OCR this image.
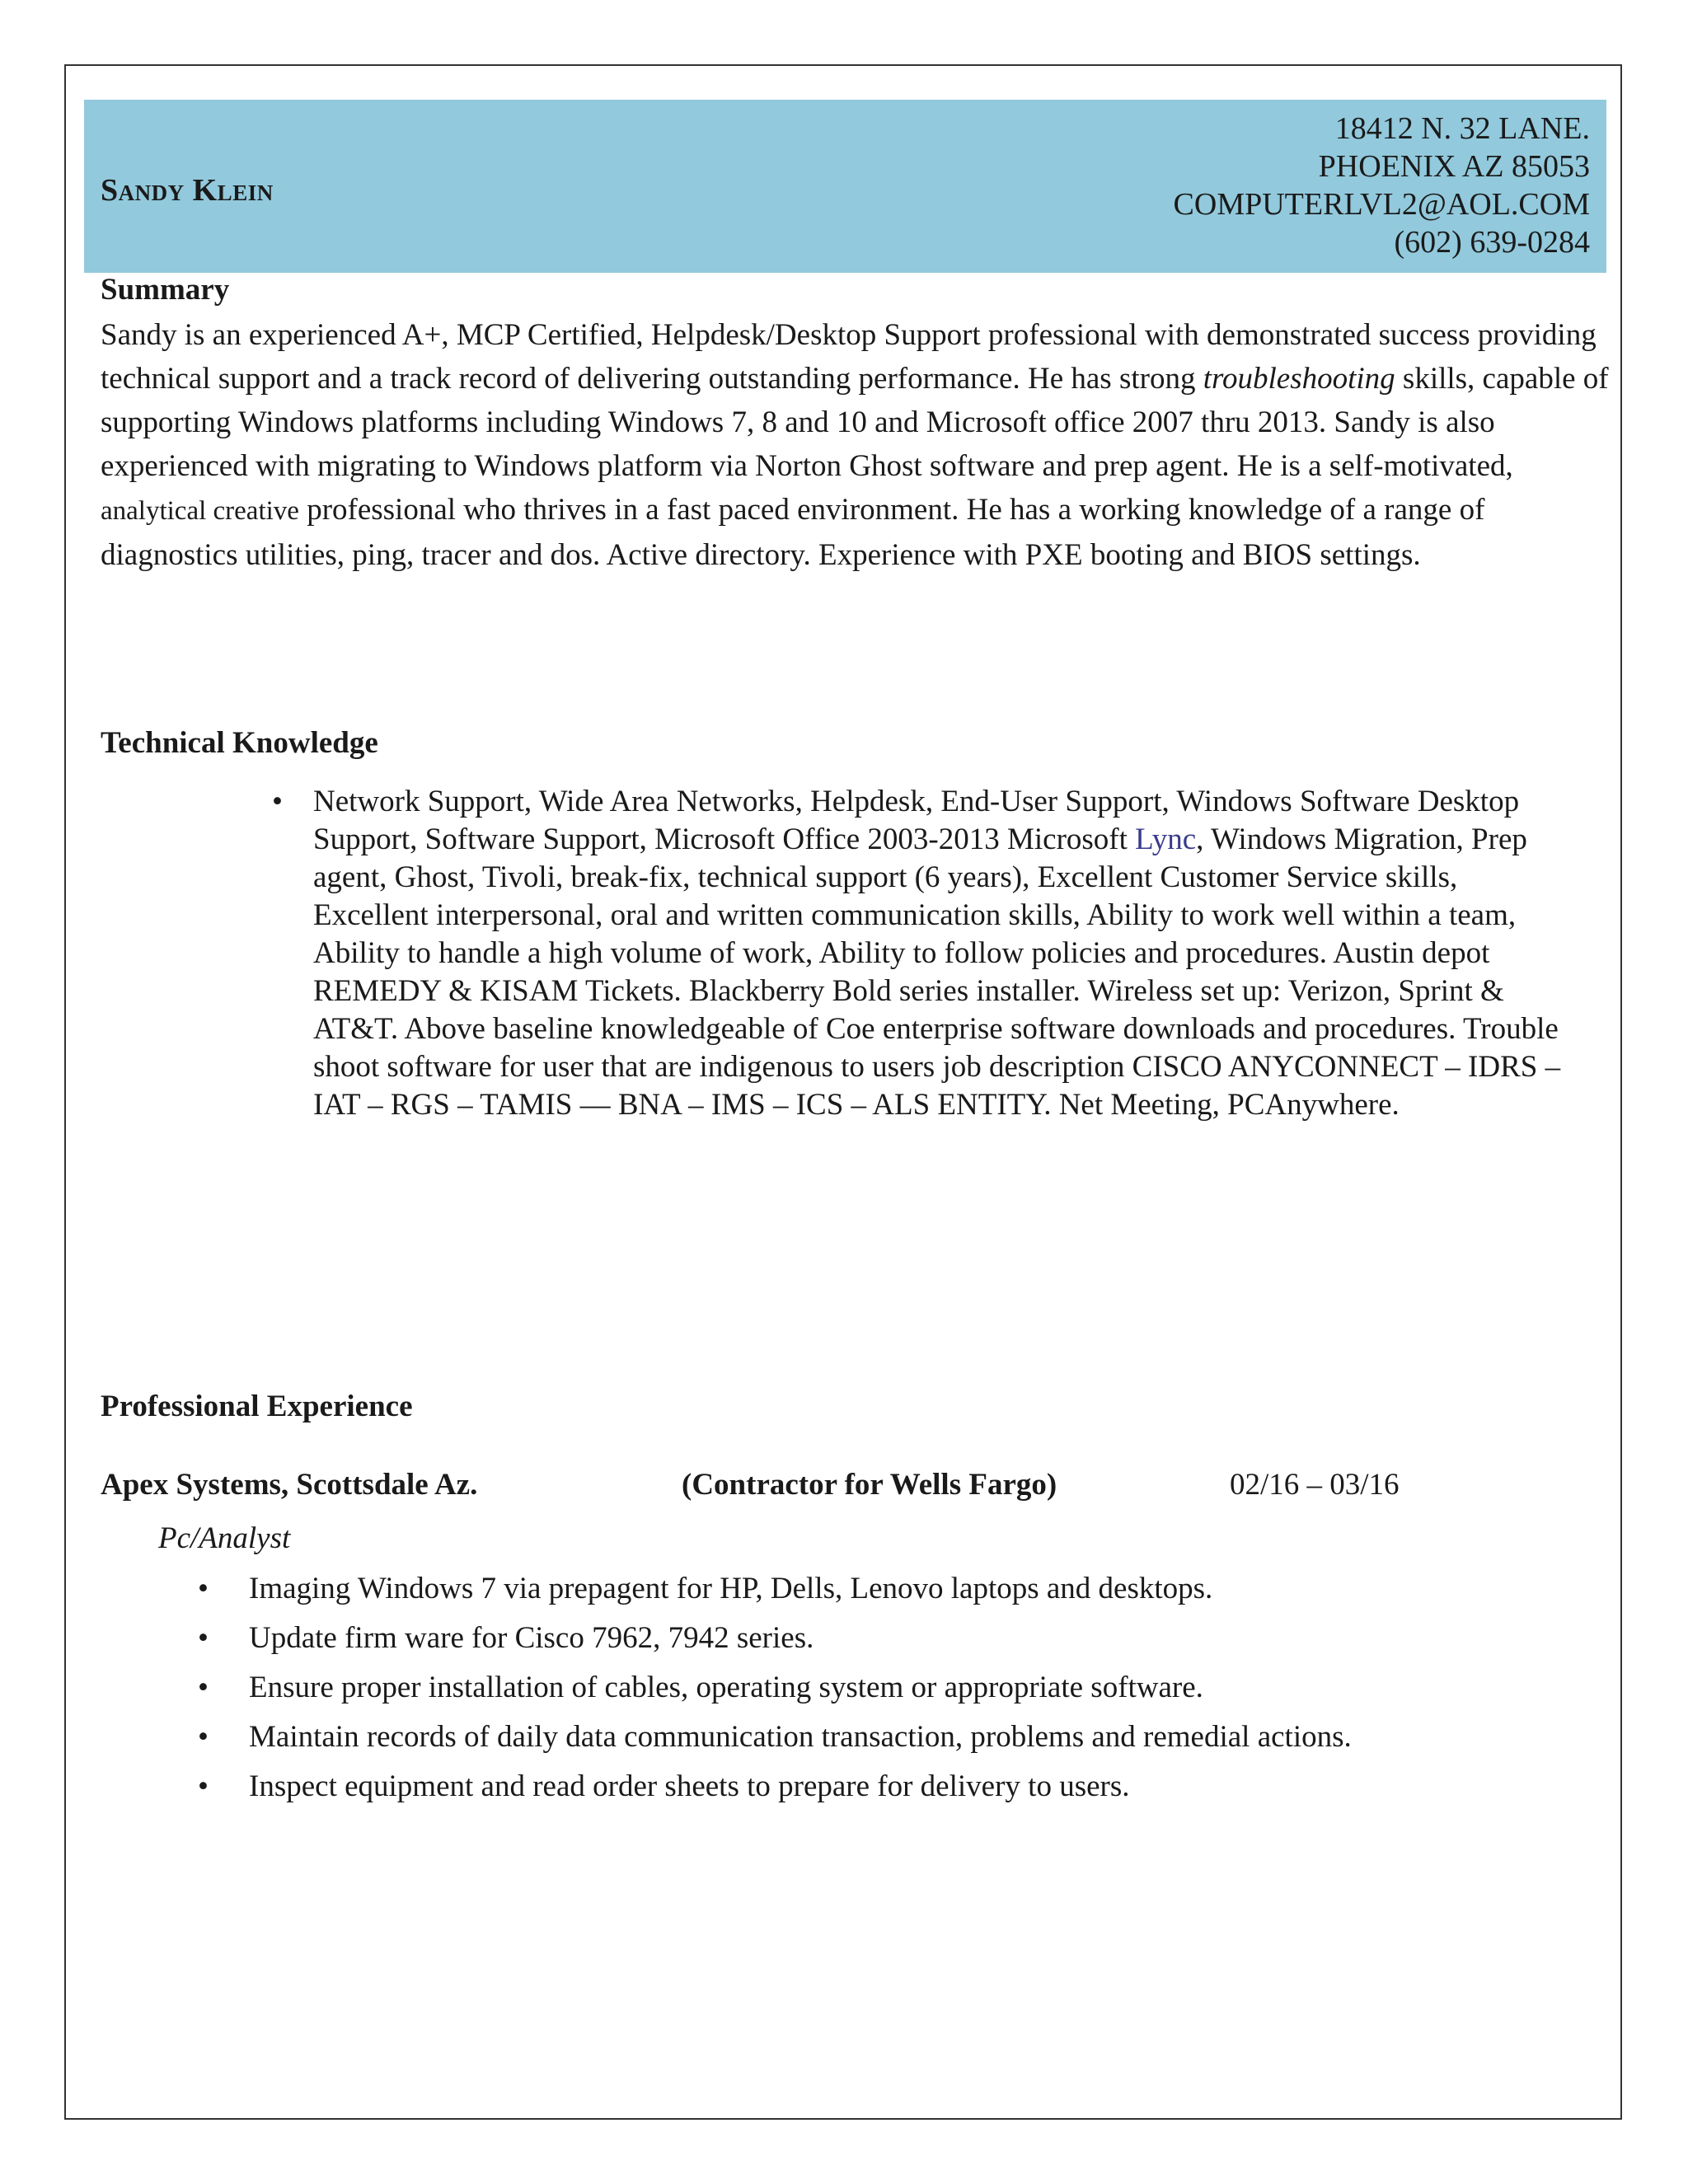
Sandy Klein
18412 N. 32 LANE.
PHOENIX AZ 85053
COMPUTERLVL2@AOL.COM
(602) 639-0284
Summary
Sandy is an experienced A+, MCP Certified, Helpdesk/Desktop Support professional with demonstrated success providing technical support and a track record of delivering outstanding performance. He has strong troubleshooting skills, capable of supporting Windows platforms including Windows 7, 8 and 10 and Microsoft office 2007 thru 2013. Sandy is also experienced with migrating to Windows platform via Norton Ghost software and prep agent. He is a self-motivated, analytical creative professional who thrives in a fast paced environment. He has a working knowledge of a range of diagnostics utilities, ping, tracer and dos. Active directory. Experience with PXE booting and BIOS settings.
Technical Knowledge
• Network Support, Wide Area Networks, Helpdesk, End-User Support, Windows Software Desktop Support, Software Support, Microsoft Office 2003-2013 Microsoft Lync, Windows Migration, Prep agent, Ghost, Tivoli, break-fix, technical support (6 years), Excellent Customer Service skills, Excellent interpersonal, oral and written communication skills, Ability to work well within a team, Ability to handle a high volume of work, Ability to follow policies and procedures. Austin depot REMEDY & KISAM Tickets. Blackberry Bold series installer. Wireless set up: Verizon, Sprint & AT&T. Above baseline knowledgeable of Coe enterprise software downloads and procedures. Trouble shoot software for user that are indigenous to users job description CISCO ANYCONNECT – IDRS – IAT – RGS – TAMIS –– BNA – IMS – ICS – ALS ENTITY. Net Meeting, PCAnywhere.
Professional Experience
Apex Systems, Scottsdale Az.	(Contractor for Wells Fargo)	02/16 – 03/16
Pc/Analyst
• Imaging Windows 7 via prepagent for HP, Dells, Lenovo laptops and desktops.
• Update firm ware for Cisco 7962, 7942 series.
• Ensure proper installation of cables, operating system or appropriate software.
• Maintain records of daily data communication transaction, problems and remedial actions.
• Inspect equipment and read order sheets to prepare for delivery to users.
